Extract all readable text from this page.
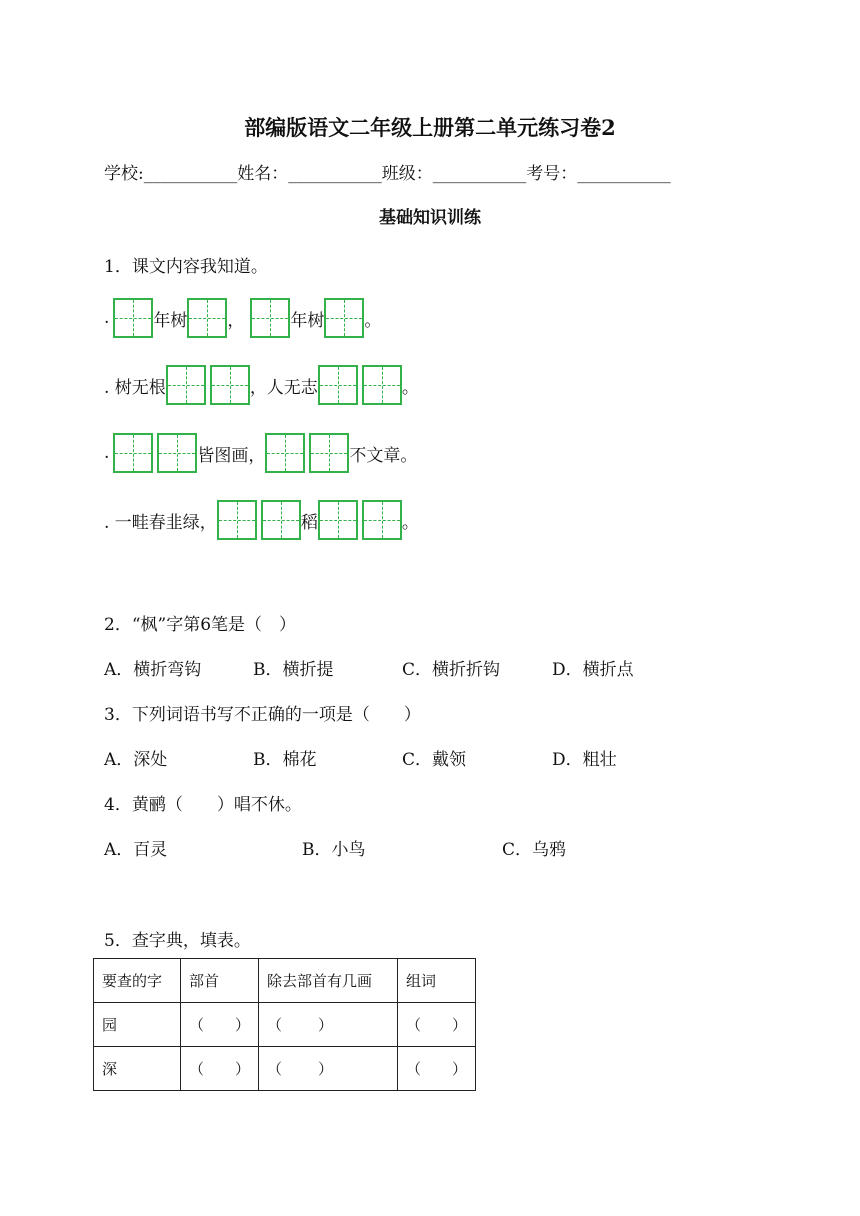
部编版语文二年级上册第二单元练习卷2
学校:___________姓名：___________班级：___________考号：___________
基础知识训练
1．课文内容我知道。
.	年树 ，	年树 。
. 树无根	，人无志	。
.	皆图画，	不文章。
. 一畦春韭绿，	稻	。
2．“枫”字第6笔是（　）
A．横折弯钩	B．横折提	C．横折折钩	D．横折点
3．下列词语书写不正确的一项是（　　）
A．深处	B．棉花	C．戴领	D．粗壮
4．黄鹂（　　）唱不休。
A．百灵	B．小鸟	C．乌鸦
5．查字典，填表。
要查的字	部首	除去部首有几画	组词
园	（ ）	（ ）	（ ）

深	（ ）	（ ）	（ ）
